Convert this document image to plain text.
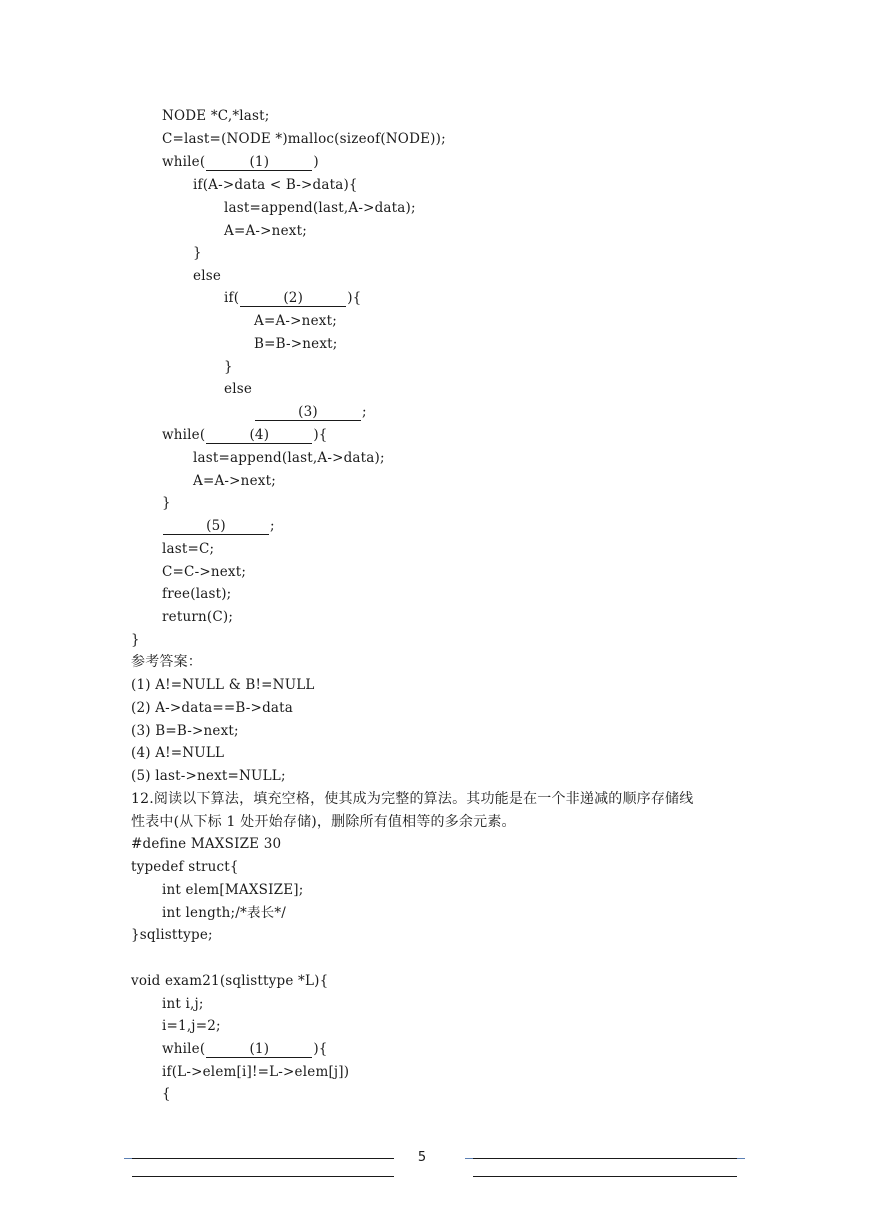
NODE *C,*last;
C=last=(NODE *)malloc(sizeof(NODE));
while(	(1)	)
if(A->data < B->data){
last=append(last,A->data);
A=A->next;
}
else
if(	(2)	){
A=A->next;
B=B->next;
}
else
(3)	;
while(	(4)	){
last=append(last,A->data);
A=A->next;
}
(5)	;
last=C;
C=C->next;
free(last);
return(C);
}
参考答案：
(1) A!=NULL & B!=NULL
(2) A->data==B->data
(3) B=B->next;
(4) A!=NULL
(5) last->next=NULL;
12.阅读以下算法，填充空格，使其成为完整的算法。其功能是在一个非递减的顺序存储线
性表中(从下标 1 处开始存储)，删除所有值相等的多余元素。
#define MAXSIZE 30
typedef struct{
int elem[MAXSIZE];
int length;/*表长*/
}sqlisttype;
void exam21(sqlisttype *L){
int i,j;
i=1,j=2;
while(	(1)	){
if(L->elem[i]!=L->elem[j])
{
5
